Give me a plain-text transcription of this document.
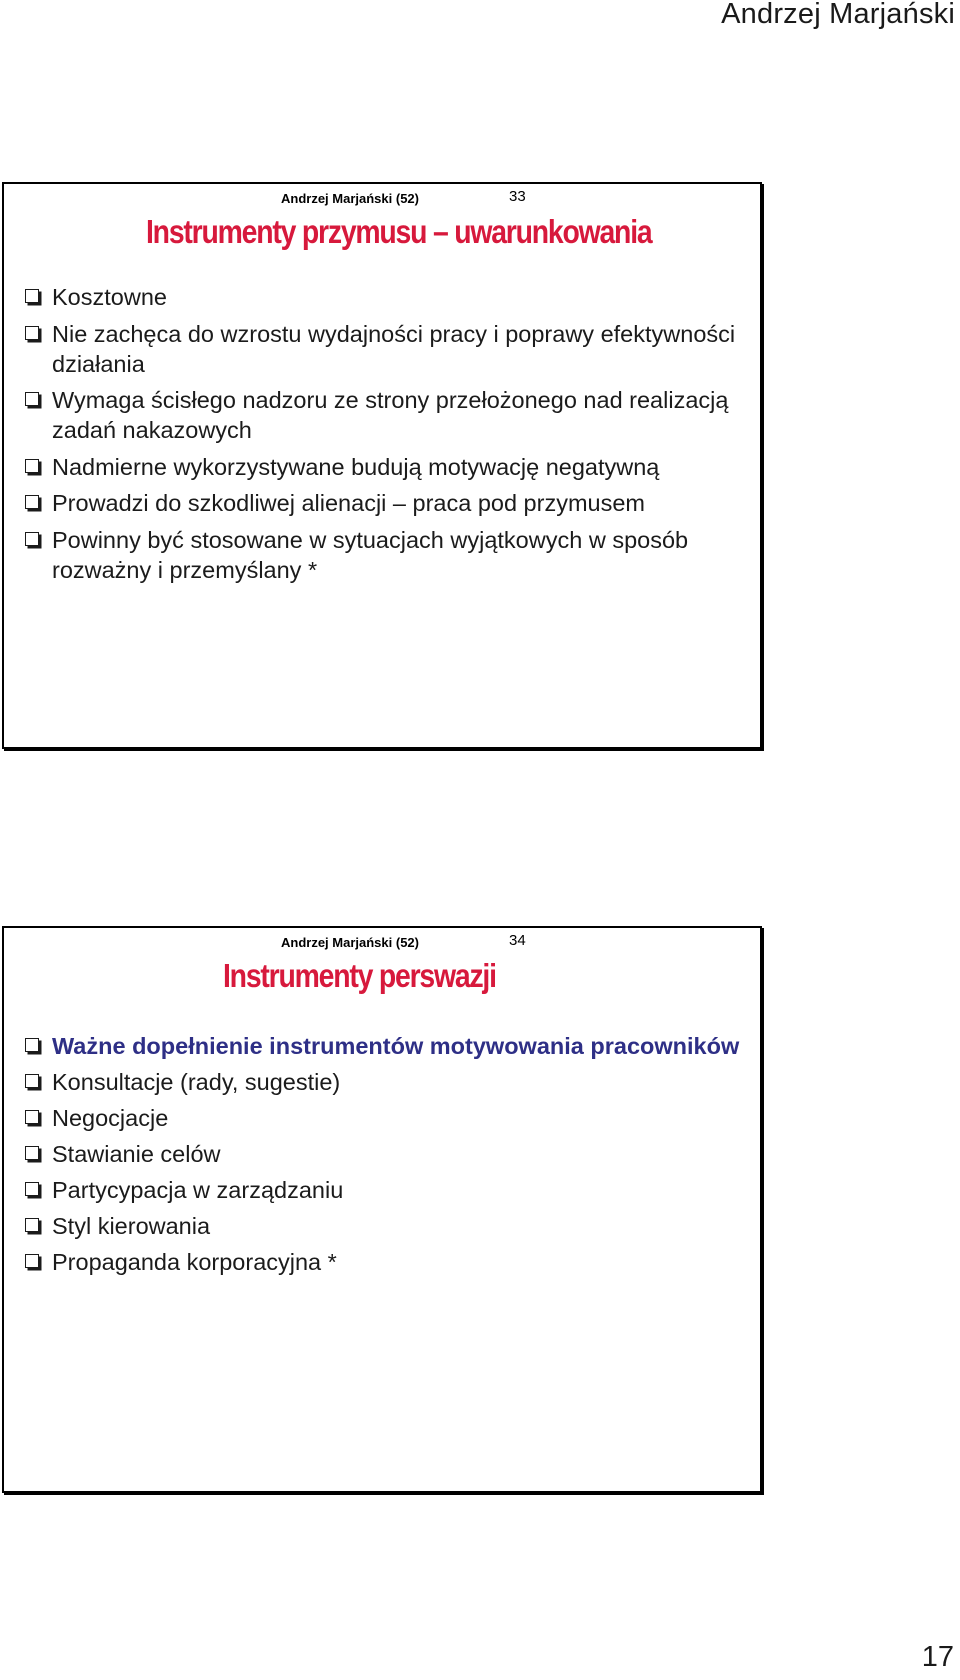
Andrzej Marjański
Andrzej Marjański (52)	33
Instrumenty przymusu – uwarunkowania
Kosztowne
Nie zachęca do wzrostu wydajności pracy i poprawy efektywności działania
Wymaga ścisłego nadzoru ze strony przełożonego nad realizacją zadań nakazowych
Nadmierne wykorzystywane budują motywację negatywną
Prowadzi do szkodliwej alienacji – praca pod przymusem
Powinny być stosowane w sytuacjach wyjątkowych w sposób rozważny i przemyślany *
Andrzej Marjański (52)	34
Instrumenty perswazji
Ważne dopełnienie instrumentów motywowania pracowników
Konsultacje (rady, sugestie)
Negocjacje
Stawianie celów
Partycypacja w zarządzaniu
Styl kierowania
Propaganda korporacyjna *
17
